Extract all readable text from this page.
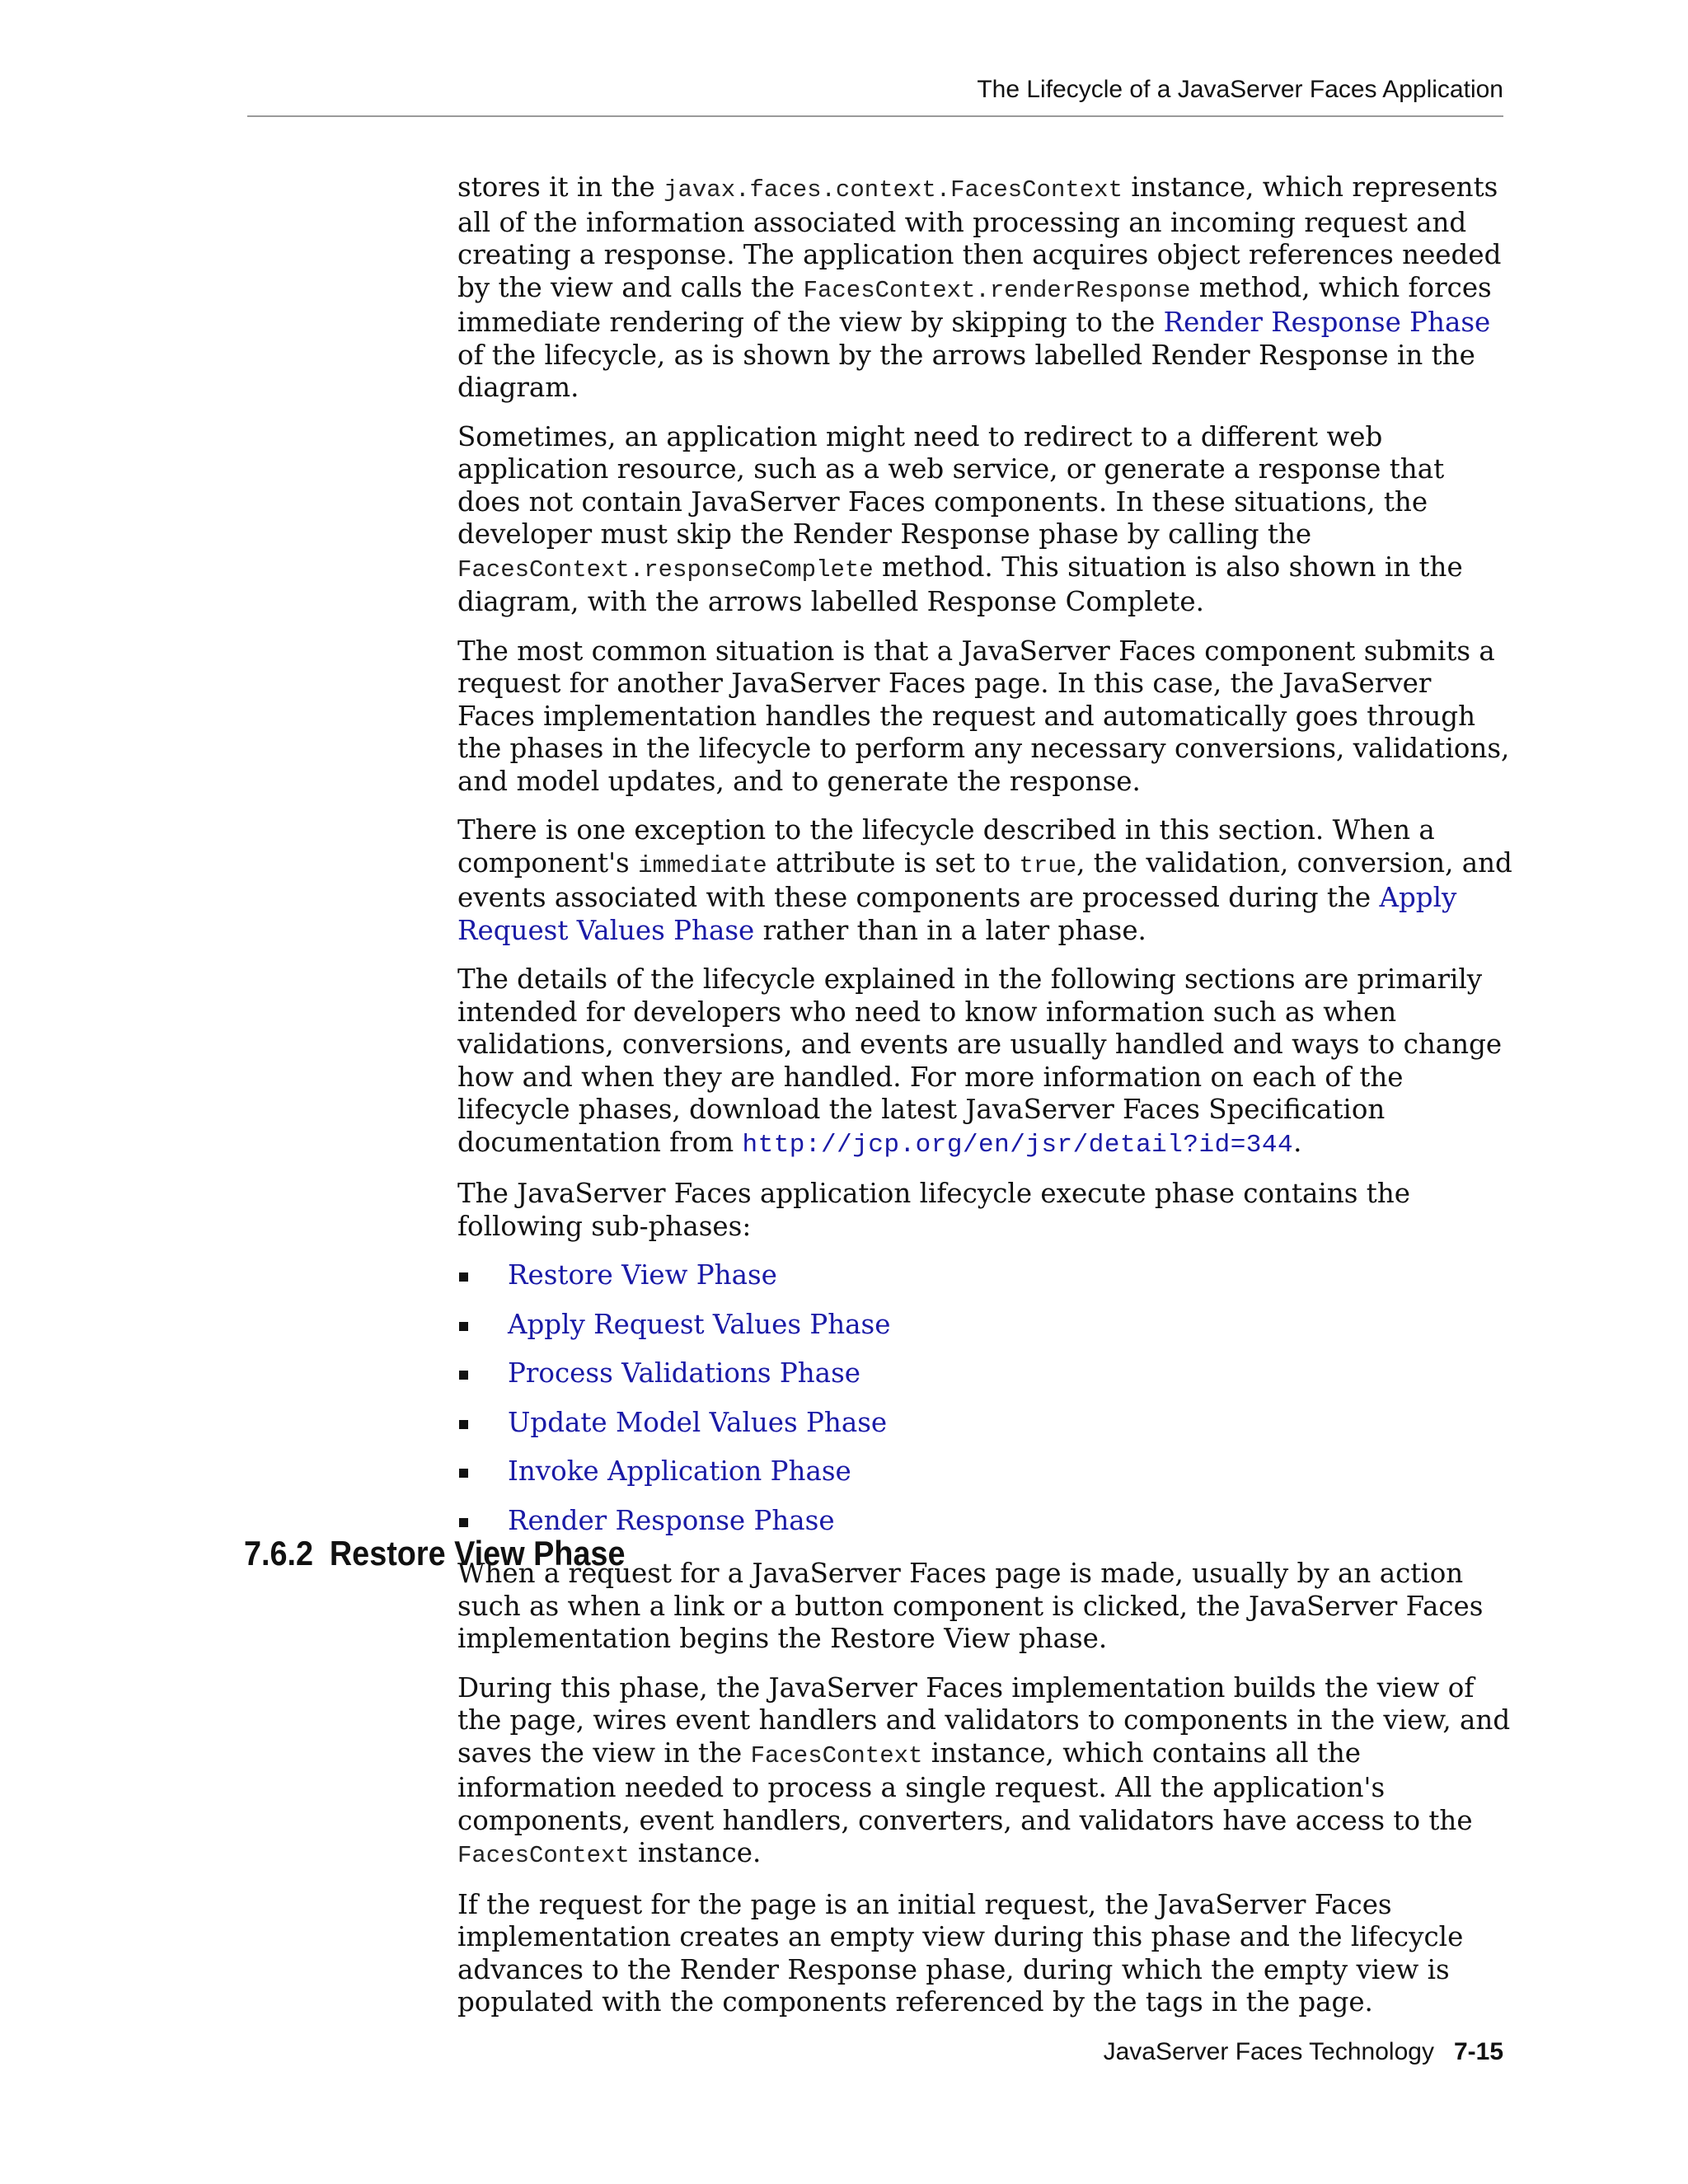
The Lifecycle of a JavaServer Faces Application

stores it in the javax.faces.context.FacesContext instance, which represents all of the information associated with processing an incoming request and creating a response. The application then acquires object references needed by the view and calls the FacesContext.renderResponse method, which forces immediate rendering of the view by skipping to the Render Response Phase of the lifecycle, as is shown by the arrows labelled Render Response in the diagram.

Sometimes, an application might need to redirect to a different web application resource, such as a web service, or generate a response that does not contain JavaServer Faces components. In these situations, the developer must skip the Render Response phase by calling the FacesContext.responseComplete method. This situation is also shown in the diagram, with the arrows labelled Response Complete.

The most common situation is that a JavaServer Faces component submits a request for another JavaServer Faces page. In this case, the JavaServer Faces implementation handles the request and automatically goes through the phases in the lifecycle to perform any necessary conversions, validations, and model updates, and to generate the response.

There is one exception to the lifecycle described in this section. When a component's immediate attribute is set to true, the validation, conversion, and events associated with these components are processed during the Apply Request Values Phase rather than in a later phase.

The details of the lifecycle explained in the following sections are primarily intended for developers who need to know information such as when validations, conversions, and events are usually handled and ways to change how and when they are handled. For more information on each of the lifecycle phases, download the latest JavaServer Faces Specification documentation from http://jcp.org/en/jsr/detail?id=344.

The JavaServer Faces application lifecycle execute phase contains the following sub-phases:

Restore View Phase
Apply Request Values Phase
Process Validations Phase
Update Model Values Phase
Invoke Application Phase
Render Response Phase
7.6.2 Restore View Phase

When a request for a JavaServer Faces page is made, usually by an action such as when a link or a button component is clicked, the JavaServer Faces implementation begins the Restore View phase.

During this phase, the JavaServer Faces implementation builds the view of the page, wires event handlers and validators to components in the view, and saves the view in the FacesContext instance, which contains all the information needed to process a single request. All the application's components, event handlers, converters, and validators have access to the FacesContext instance.

If the request for the page is an initial request, the JavaServer Faces implementation creates an empty view during this phase and the lifecycle advances to the Render Response phase, during which the empty view is populated with the components referenced by the tags in the page.

JavaServer Faces Technology 7-15
